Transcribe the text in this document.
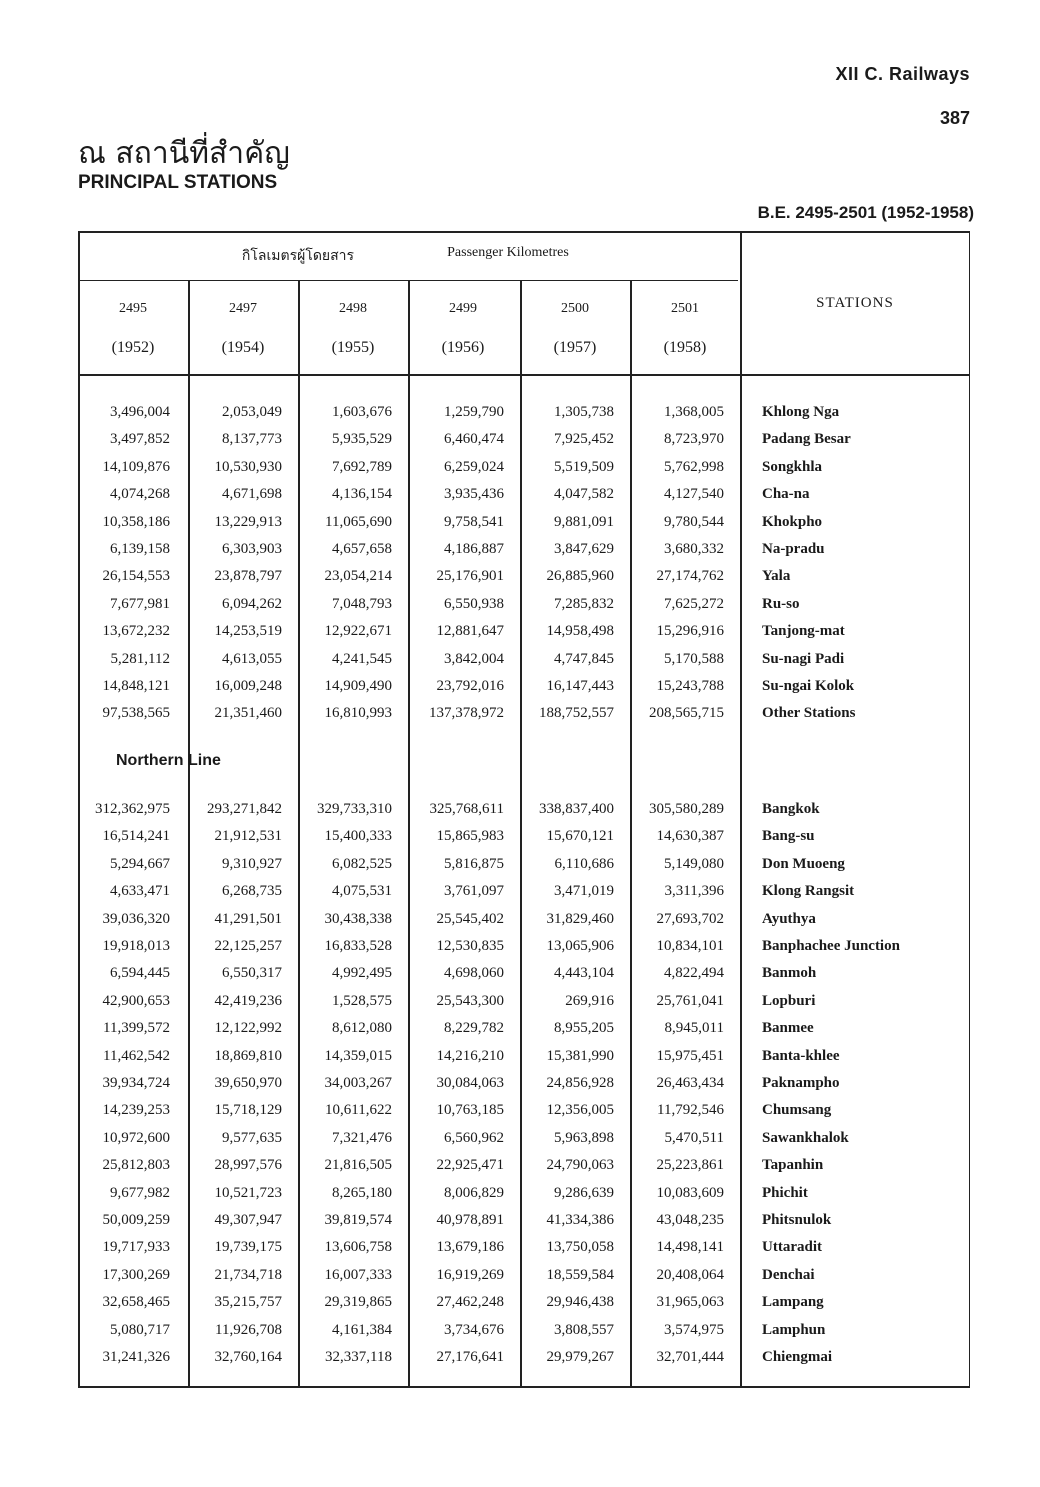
XII C. Railways
387
ณ สถานีที่สำคัญ
PRINCIPAL STATIONS
B.E. 2495-2501 (1952-1958)
กิโลเมตรผู้โดยสาร	Passenger Kilometres
STATIONS
2495
(1952)
2497
(1954)
2498
(1955)
2499
(1956)
2500
(1957)
2501
(1958)
3,496,004	2,053,049	1,603,676	1,259,790	1,305,738	1,368,005	Khlong Nga
3,497,852	8,137,773	5,935,529	6,460,474	7,925,452	8,723,970	Padang Besar
14,109,876	10,530,930	7,692,789	6,259,024	5,519,509	5,762,998	Songkhla
4,074,268	4,671,698	4,136,154	3,935,436	4,047,582	4,127,540	Cha-na
10,358,186	13,229,913	11,065,690	9,758,541	9,881,091	9,780,544	Khokpho
6,139,158	6,303,903	4,657,658	4,186,887	3,847,629	3,680,332	Na-pradu
26,154,553	23,878,797	23,054,214	25,176,901	26,885,960	27,174,762	Yala
7,677,981	6,094,262	7,048,793	6,550,938	7,285,832	7,625,272	Ru-so
13,672,232	14,253,519	12,922,671	12,881,647	14,958,498	15,296,916	Tanjong-mat
5,281,112	4,613,055	4,241,545	3,842,004	4,747,845	5,170,588	Su-nagi Padi
14,848,121	16,009,248	14,909,490	23,792,016	16,147,443	15,243,788	Su-ngai Kolok
97,538,565	21,351,460	16,810,993 137,378,972 188,752,557 208,565,715	Other Stations
Northern Line
312,362,975 293,271,842 329,733,310	325,768,611 338,837,400 305,580,289	Bangkok
16,514,241	21,912,531	15,400,333	15,865,983	15,670,121	14,630,387	Bang-su
5,294,667	9,310,927	6,082,525	5,816,875	6,110,686	5,149,080	Don Muoeng
4,633,471	6,268,735	4,075,531	3,761,097	3,471,019	3,311,396	Klong Rangsit
39,036,320	41,291,501	30,438,338	25,545,402	31,829,460	27,693,702	Ayuthya
19,918,013	22,125,257	16,833,528	12,530,835	13,065,906	10,834,101	Banphachee Junction
6,594,445	6,550,317	4,992,495	4,698,060	4,443,104	4,822,494	Banmoh
42,900,653	42,419,236	1,528,575	25,543,300	269,916	25,761,041	Lopburi
11,399,572	12,122,992	8,612,080	8,229,782	8,955,205	8,945,011	Banmee
11,462,542	18,869,810	14,359,015	14,216,210	15,381,990	15,975,451	Banta-khlee
39,934,724	39,650,970	34,003,267	30,084,063	24,856,928	26,463,434	Paknampho
14,239,253	15,718,129	10,611,622	10,763,185	12,356,005	11,792,546	Chumsang
10,972,600	9,577,635	7,321,476	6,560,962	5,963,898	5,470,511	Sawankhalok
25,812,803	28,997,576	21,816,505	22,925,471	24,790,063	25,223,861	Tapanhin
9,677,982	10,521,723	8,265,180	8,006,829	9,286,639	10,083,609	Phichit
50,009,259	49,307,947	39,819,574	40,978,891	41,334,386	43,048,235	Phitsnulok
19,717,933	19,739,175	13,606,758	13,679,186	13,750,058	14,498,141	Uttaradit
17,300,269	21,734,718	16,007,333	16,919,269	18,559,584	20,408,064	Denchai
32,658,465	35,215,757	29,319,865	27,462,248	29,946,438	31,965,063	Lampang
5,080,717	11,926,708	4,161,384	3,734,676	3,808,557	3,574,975	Lamphun
31,241,326	32,760,164	32,337,118	27,176,641	29,979,267	32,701,444	Chiengmai
